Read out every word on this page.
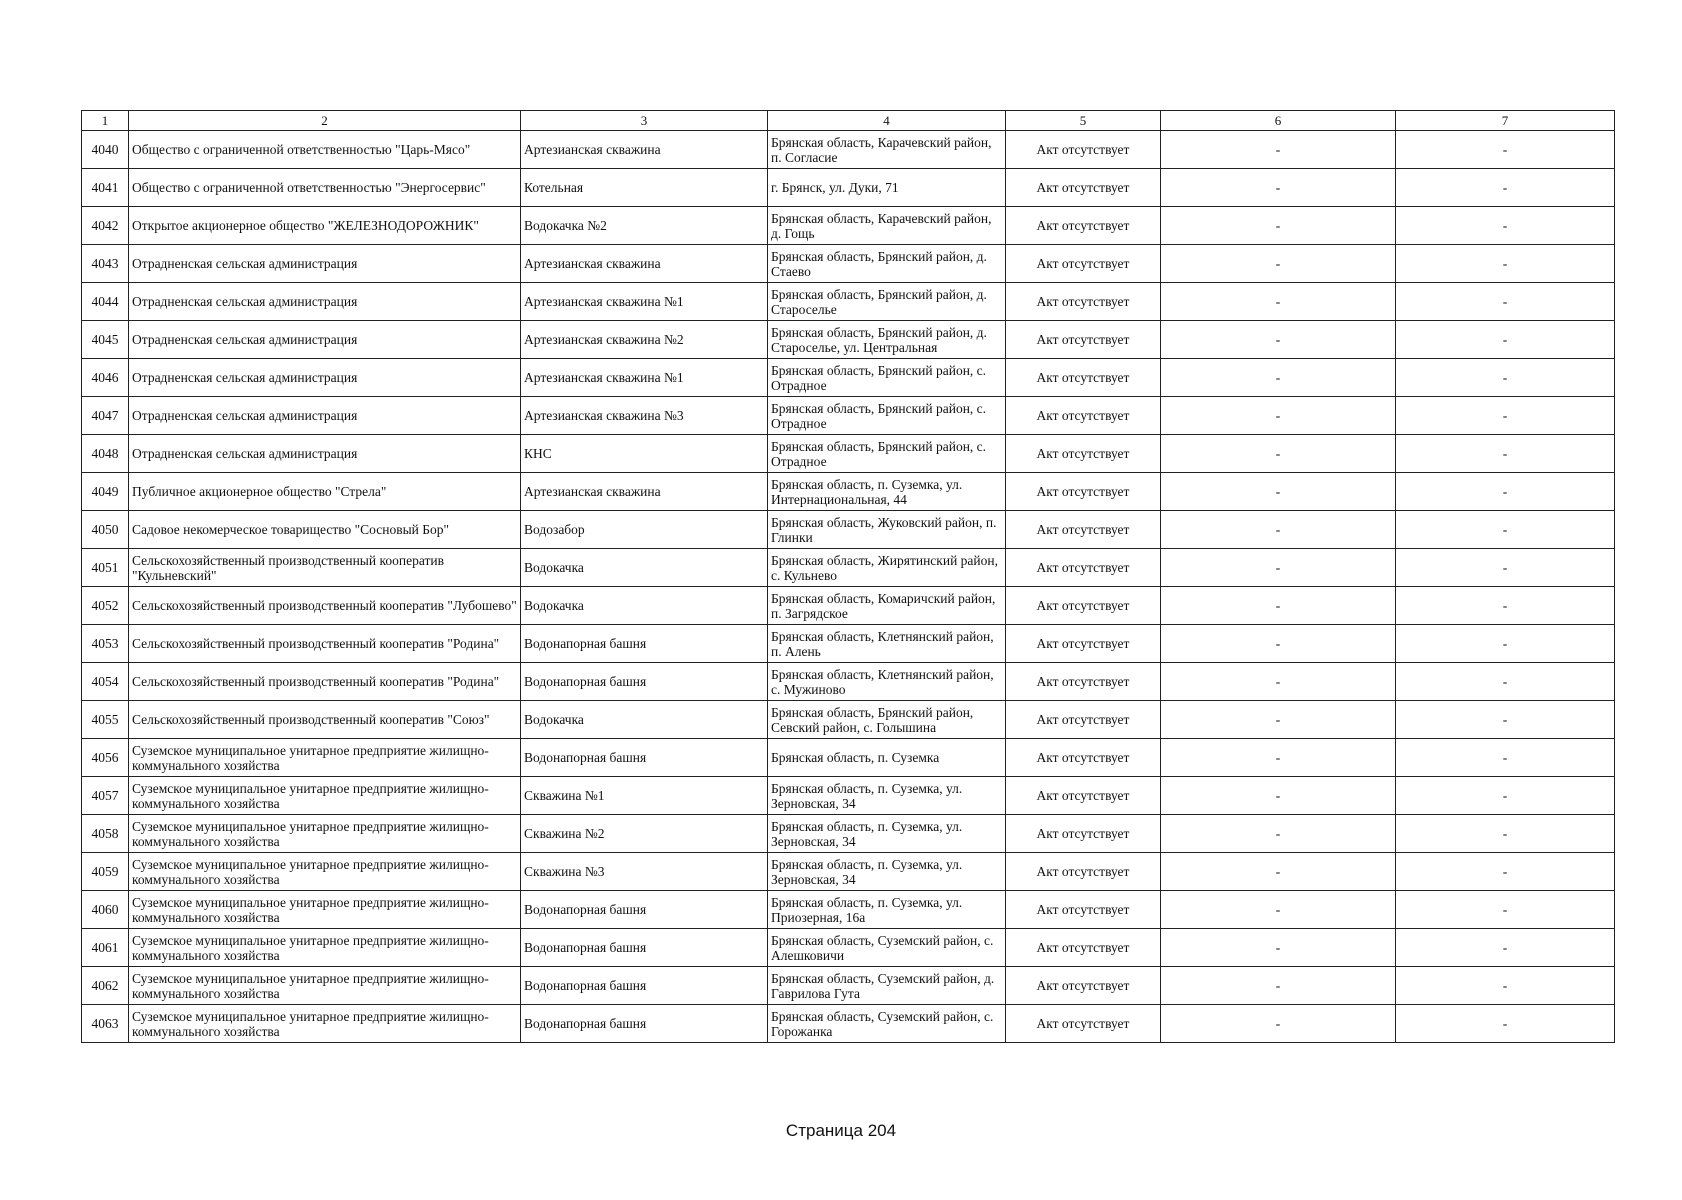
1	2	3	4	5	6	7
4040	Общество с ограниченной ответственностью "Царь-Мясо"	Артезианская скважина	Брянская область, Карачевский район, п. Согласие	Акт отсутствует	-	-
4041	Общество с ограниченной ответственностью "Энергосервис"	Котельная	г. Брянск, ул. Дуки, 71	Акт отсутствует	-	-
4042	Открытое акционерное общество "ЖЕЛЕЗНОДОРОЖНИК"	Водокачка №2	Брянская область, Карачевский район, д. Гощь	Акт отсутствует	-	-
4043	Отрадненская сельская администрация	Артезианская скважина	Брянская область, Брянский район, д. Стаево	Акт отсутствует	-	-
4044	Отрадненская сельская администрация	Артезианская скважина №1	Брянская область, Брянский район, д. Староселье	Акт отсутствует	-	-
4045	Отрадненская сельская администрация	Артезианская скважина №2	Брянская область, Брянский район, д. Староселье, ул. Центральная	Акт отсутствует	-	-
4046	Отрадненская сельская администрация	Артезианская скважина №1	Брянская область, Брянский район, с. Отрадное	Акт отсутствует	-	-
4047	Отрадненская сельская администрация	Артезианская скважина №3	Брянская область, Брянский район, с. Отрадное	Акт отсутствует	-	-
4048	Отрадненская сельская администрация	КНС	Брянская область, Брянский район, с. Отрадное	Акт отсутствует	-	-
4049	Публичное акционерное общество "Стрела"	Артезианская скважина	Брянская область, п. Суземка, ул. Интернациональная, 44	Акт отсутствует	-	-
4050	Садовое некомерческое товарищество "Сосновый Бор"	Водозабор	Брянская область, Жуковский район, п. Глинки	Акт отсутствует	-	-
4051	Сельскохозяйственный производственный кооператив "Кульневский"	Водокачка	Брянская область, Жирятинский район, с. Кульнево	Акт отсутствует	-	-
4052	Сельскохозяйственный производственный кооператив "Лубошево"	Водокачка	Брянская область, Комаричский район, п. Загрядское	Акт отсутствует	-	-
4053	Сельскохозяйственный производственный кооператив "Родина"	Водонапорная башня	Брянская область, Клетнянский район, п. Алень	Акт отсутствует	-	-
4054	Сельскохозяйственный производственный кооператив "Родина"	Водонапорная башня	Брянская область, Клетнянский район, с. Мужиново	Акт отсутствует	-	-
4055	Сельскохозяйственный производственный кооператив "Союз"	Водокачка	Брянская область, Брянский район, Севский район, с. Голышина	Акт отсутствует	-	-
4056	Суземское муниципальное унитарное предприятие жилищно-коммунального хозяйства	Водонапорная башня	Брянская область, п. Суземка	Акт отсутствует	-	-
4057	Суземское муниципальное унитарное предприятие жилищно-коммунального хозяйства	Скважина №1	Брянская область, п. Суземка, ул. Зерновская, 34	Акт отсутствует	-	-
4058	Суземское муниципальное унитарное предприятие жилищно-коммунального хозяйства	Скважина №2	Брянская область, п. Суземка, ул. Зерновская, 34	Акт отсутствует	-	-
4059	Суземское муниципальное унитарное предприятие жилищно-коммунального хозяйства	Скважина №3	Брянская область, п. Суземка, ул. Зерновская, 34	Акт отсутствует	-	-
4060	Суземское муниципальное унитарное предприятие жилищно-коммунального хозяйства	Водонапорная башня	Брянская область, п. Суземка, ул. Приозерная, 16а	Акт отсутствует	-	-
4061	Суземское муниципальное унитарное предприятие жилищно-коммунального хозяйства	Водонапорная башня	Брянская область, Суземский район, с. Алешковичи	Акт отсутствует	-	-
4062	Суземское муниципальное унитарное предприятие жилищно-коммунального хозяйства	Водонапорная башня	Брянская область, Суземский район, д. Гаврилова Гута	Акт отсутствует	-	-
4063	Суземское муниципальное унитарное предприятие жилищно-коммунального хозяйства	Водонапорная башня	Брянская область, Суземский район, с. Горожанка	Акт отсутствует	-	-
Страница 204
